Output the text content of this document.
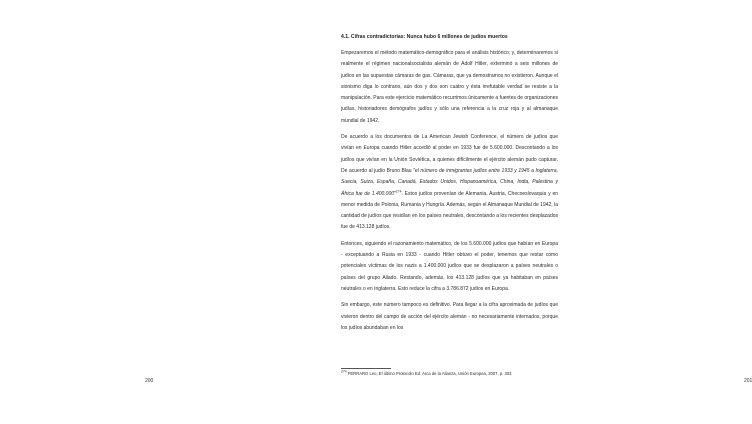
200	201

4.1. Cifras contradictorias: Nunca hubo 6 millones de judíos muertos

Empezaremos el método matemático-demográfico para el análisis histórico; y, determinaremos si realmente el régimen nacionalsocialista alemán de Adolf Hitler, exterminó a seis millones de judíos en las supuestas cámaras de gas. Cámaras, que ya demostramos no existieron. Aunque el sionismo diga lo contrario, aún dos y dos son cuatro y ésta irrefutable verdad se resiste a la manipulación. Para este ejercicio matemático recurrimos únicamente a fuentes de organizaciones judías, historiadores demógrafos judíos y sólo una referencia a la cruz roja y al almanaque mundial de 1942.

De acuerdo a los documentos de La American Jewish Conference, el número de judíos que vivían en Europa cuando Hitler accedió al poder en 1933 fue de 5.600.000. Descontando a los judíos que vivían en la Unión Soviética, a quienes difícilmente el ejército alemán pudo capturar. De acuerdo al judío Bruno Blau "el número de inmigrantes judíos entre 1933 y 1945 a Inglaterra, Suecia, Suiza, España, Canadá, Estados Unidos, Hispanoamérica, China, India, Palestina y África fue de 1.400.000"$^{274}$. Estos judíos provenían de Alemania, Austria, Checoeslovaquia y en menor medida de Polonia, Rumania y Hungría. Además, según el Almanaque Mundial de 1942, la cantidad de judíos que residían en los países neutrales, descontando a los recientes desplazados fue de 413.128 judíos.

Entonces, siguiendo el razonamiento matemático, de los 5.600.000 judíos que habían en Europa - exceptuando a Rusia en 1933 - cuando Hitler obtuvo el poder, tenemos que restar como potenciales víctimas de los nazis a 1.400.000 judíos que se desplazaron a países neutrales o países del grupo Aliado. Restando, además, los 413.128 judíos que ya habitaban en países neutrales o en Inglaterra. Esto reduce la cifra a 3.786.872 judíos en Europa.

Sin embargo, este número tampoco es definitivo. Para llegar a la cifra aproximada de judíos que vivieron dentro del campo de acción del ejército alemán - no necesariamente internados, porque los judíos abundaban en los

$^{274}$ FERRARO Leo, El último Protocolo Ed. Arca de la Alianza, Unión Europea, 2007, p. 303
